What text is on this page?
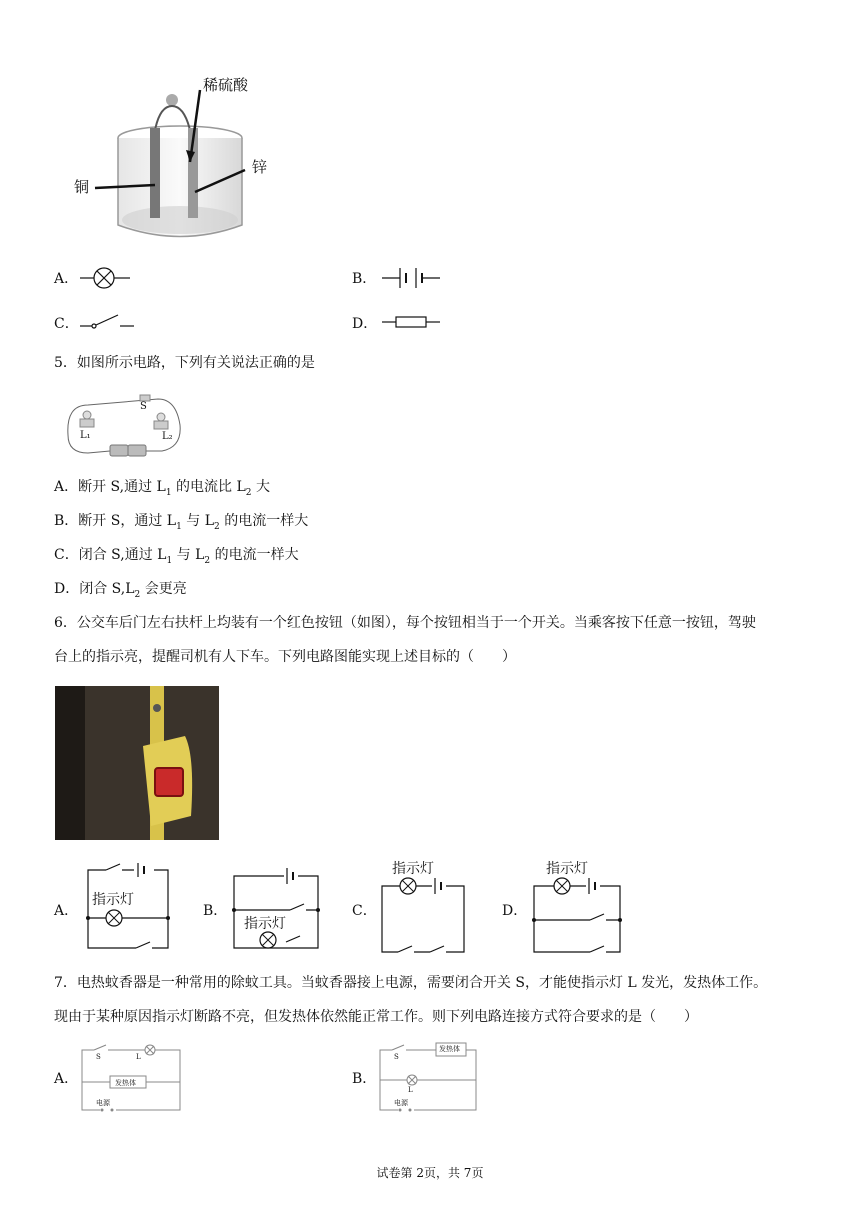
稀硫酸
铜
锌
A．	B．
C．	D．
5．如图所示电路，下列有关说法正确的是
L₁	L₂
S
A．断开 S,通过 $L_1$ 的电流比 $L_2$ 大
B．断开 S，通过 $L_1$ 与 $L_2$ 的电流一样大
C．闭合 S,通过 $L_1$ 与 $L_2$ 的电流一样大
D．闭合 $S,L_2$ 会更亮
6．公交车后门左右扶杆上均装有一个红色按钮（如图），每个按钮相当于一个开关。当乘客按下任意一按钮，驾驶
台上的指示亮，提醒司机有人下车。下列电路图能实现上述目标的（　　）
A．
指示灯
B．
指示灯
C．
指示灯
D．
指示灯
7．电热蚊香器是一种常用的除蚊工具。当蚊香器接上电源，需要闭合开关 S，才能使指示灯 L 发光，发热体工作。
现由于某种原因指示灯断路不亮，但发热体依然能正常工作。则下列电路连接方式符合要求的是（　　）
A．
S	L
发热体
电源
B．
S
发热体
L
电源
试卷第 2页，共 7页
